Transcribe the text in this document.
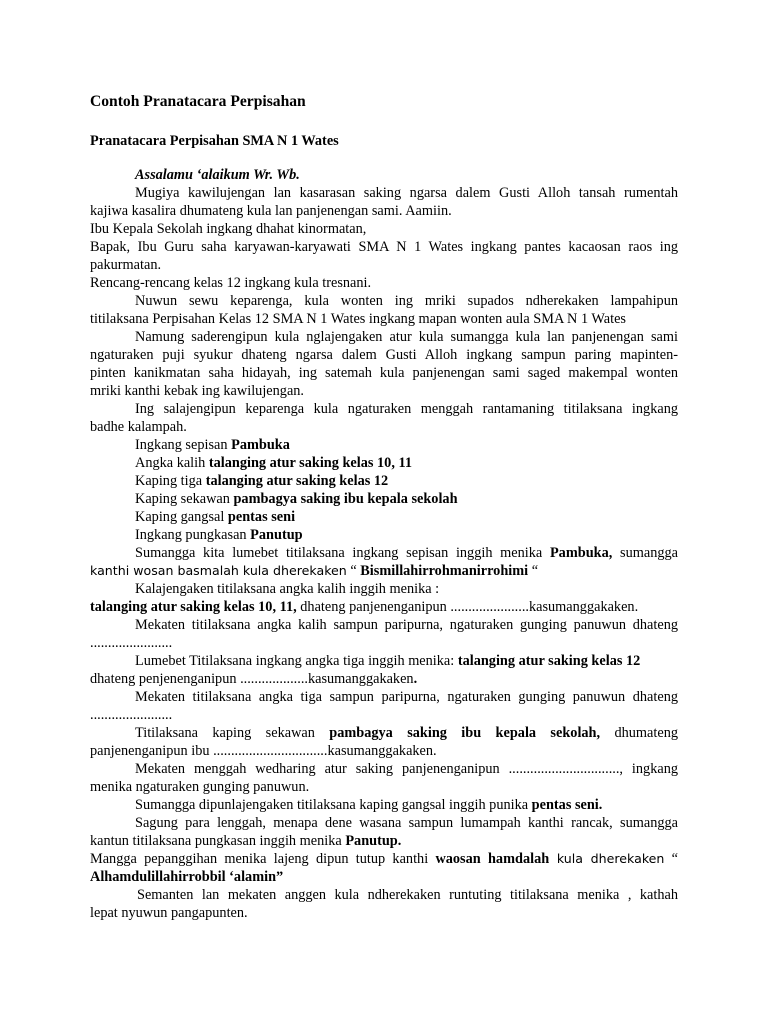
Contoh Pranatacara Perpisahan
Pranatacara Perpisahan SMA N 1 Wates
Assalamu ‘alaikum Wr. Wb.
Mugiya kawilujengan lan kasarasan saking ngarsa dalem Gusti Alloh tansah rumentah
kajiwa kasalira dhumateng kula lan panjenengan sami. Aamiin.
Ibu Kepala Sekolah ingkang dhahat kinormatan,
Bapak, Ibu Guru saha karyawan-karyawati SMA N 1 Wates ingkang pantes kacaosan raos ing
pakurmatan.
Rencang-rencang kelas 12 ingkang kula tresnani.
Nuwun sewu keparenga, kula wonten ing mriki supados ndherekaken lampahipun
titilaksana Perpisahan Kelas 12 SMA N 1 Wates ingkang mapan wonten aula SMA N 1 Wates
Namung saderengipun kula nglajengaken atur kula sumangga kula lan panjenengan sami
ngaturaken puji syukur dhateng ngarsa dalem Gusti Alloh ingkang sampun paring mapinten-
pinten kanikmatan saha hidayah, ing satemah kula panjenengan sami saged makempal wonten
mriki kanthi kebak ing kawilujengan.
Ing salajengipun keparenga kula ngaturaken menggah rantamaning titilaksana ingkang
badhe kalampah.
Ingkang sepisan Pambuka
Angka kalih talanging atur saking kelas 10, 11
Kaping tiga talanging atur saking kelas 12
Kaping sekawan pambagya saking ibu kepala sekolah
Kaping gangsal pentas seni
Ingkang pungkasan Panutup
Sumangga kita lumebet titilaksana ingkang sepisan inggih menika Pambuka, sumangga
kanthi wosan basmalah kula dherekaken “ Bismillahirrohmanirrohimi “
Kalajengaken titilaksana angka kalih inggih menika :
talanging atur saking kelas 10, 11, dhateng panjenenganipun ......................kasumanggakaken.
Mekaten titilaksana angka kalih sampun paripurna, ngaturaken gunging panuwun dhateng
.......................
Lumebet Titilaksana ingkang angka tiga inggih menika: talanging atur saking kelas 12
dhateng penjenenganipun ...................kasumanggakaken.
Mekaten titilaksana angka tiga sampun paripurna, ngaturaken gunging panuwun dhateng
.......................
Titilaksana kaping sekawan pambagya saking ibu kepala sekolah, dhumateng
panjenenganipun ibu ................................kasumanggakaken.
Mekaten menggah wedharing atur saking panjenenganipun ..............................., ingkang
menika ngaturaken gunging panuwun.
Sumangga dipunlajengaken titilaksana kaping gangsal inggih punika pentas seni.
Sagung para lenggah, menapa dene wasana sampun lumampah kanthi rancak, sumangga
kantun titilaksana pungkasan inggih menika Panutup.
Mangga pepanggihan menika lajeng dipun tutup kanthi waosan hamdalah kula dherekaken “
Alhamdulillahirrobbil ‘alamin”
Semanten lan mekaten anggen kula ndherekaken runtuting titilaksana menika , kathah
lepat nyuwun pangapunten.
